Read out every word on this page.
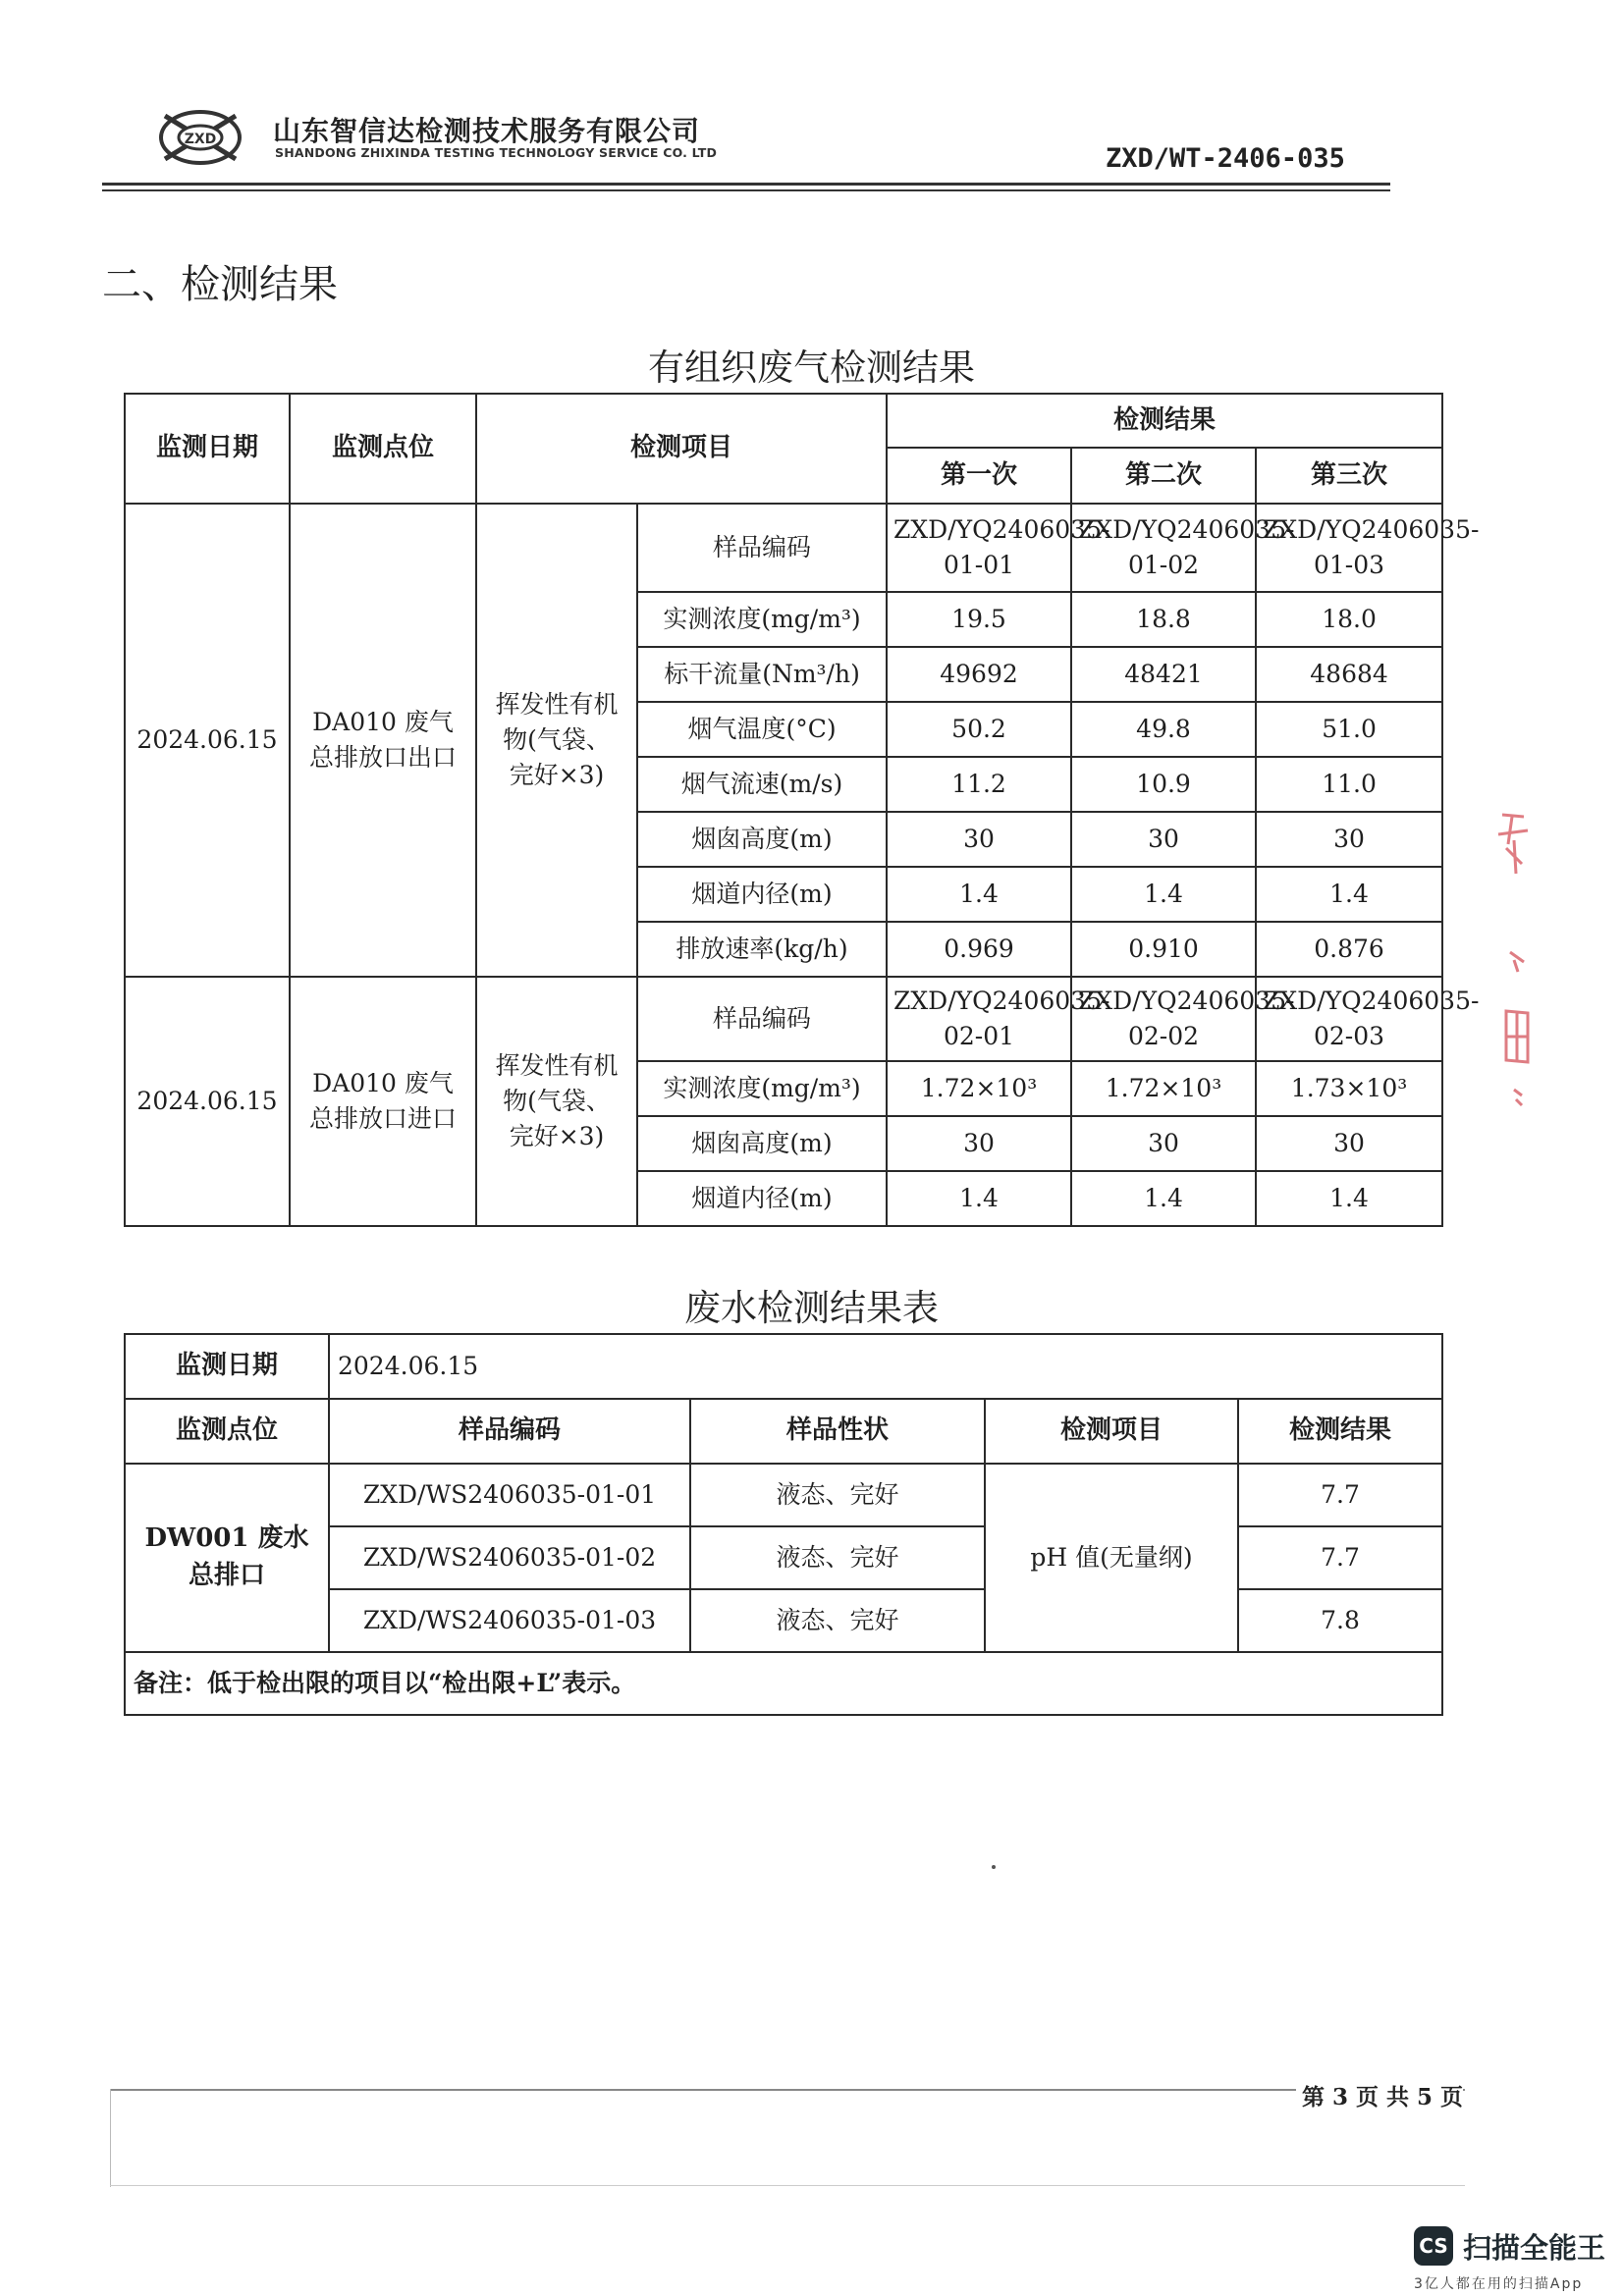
ZXD 山东智信达检测技术服务有限公司
SHANDONG ZHIXINDA TESTING TECHNOLOGY SERVICE CO. LTD	ZXD/WT-2406-035
二、检测结果
有组织废气检测结果
监测日期	监测点位	检测项目		检测结果		
				第一次	第二次	第三次
2024.06.15	DA010 废气总排放口出口	挥发性有机物(气袋、完好×3)	样品编码	ZXD/YQ2406035-01-01	ZXD/YQ2406035-01-02	ZXD/YQ2406035-01-03
			实测浓度(mg/m³)	19.5	18.8	18.0
			标干流量(Nm³/h)	49692	48421	48684
			烟气温度(°C)	50.2	49.8	51.0
			烟气流速(m/s)	11.2	10.9	11.0
			烟囱高度(m)	30	30	30
			烟道内径(m)	1.4	1.4	1.4
			排放速率(kg/h)	0.969	0.910	0.876
2024.06.15	DA010 废气总排放口进口	挥发性有机物(气袋、完好×3)	样品编码	ZXD/YQ2406035-02-01	ZXD/YQ2406035-02-02	ZXD/YQ2406035-02-03
			实测浓度(mg/m³)	1.72×10³	1.72×10³	1.73×10³
			烟囱高度(m)	30	30	30
			烟道内径(m)	1.4	1.4	1.4
废水检测结果表
监测日期	2024.06.15			
监测点位	样品编码	样品性状	检测项目	检测结果
DW001 废水总排口	ZXD/WS2406035-01-01	液态、完好	pH 值(无量纲)	7.7
	ZXD/WS2406035-01-02	液态、完好		7.7
	ZXD/WS2406035-01-03	液态、完好		7.8
备注：低于检出限的项目以“检出限+L”表示。				
第 3 页 共 5 页
CS 扫描全能王
3亿人都在用的扫描App
